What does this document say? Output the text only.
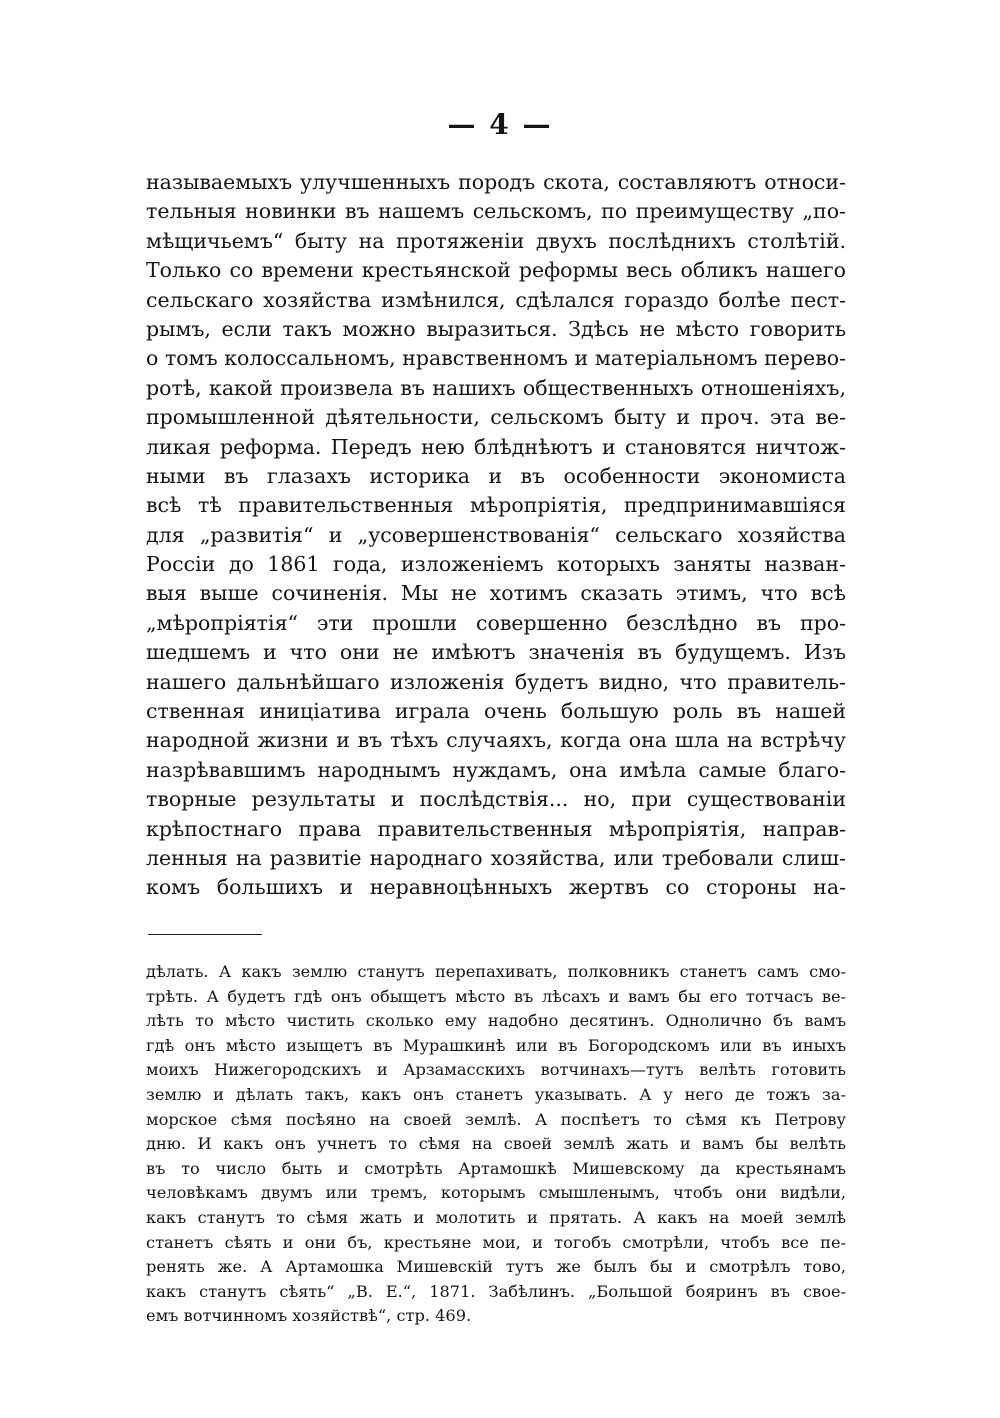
— 4 —
называемыхъ улучшенныхъ породъ скота, составляютъ относи-
тельныя новинки въ нашемъ сельскомъ, по преимуществу „по-
мѣщичьемъ“ быту на протяженіи двухъ послѣднихъ столѣтій.
Только со времени крестьянской реформы весь обликъ нашего
сельскаго хозяйства измѣнился, сдѣлался гораздо болѣе пест-
рымъ, если такъ можно выразиться. Здѣсь не мѣсто говорить
о томъ колоссальномъ, нравственномъ и матеріальномъ перево-
ротѣ, какой произвела въ нашихъ общественныхъ отношеніяхъ,
промышленной дѣятельности, сельскомъ быту и проч. эта ве-
ликая реформа. Передъ нею блѣднѣютъ и становятся ничтож-
ными въ глазахъ историка и въ особенности экономиста
всѣ тѣ правительственныя мѣропріятія, предпринимавшіяся
для „развитія“ и „усовершенствованія“ сельскаго хозяйства
Россіи до 1861 года, изложеніемъ которыхъ заняты назван-
выя выше сочиненія. Мы не хотимъ сказать этимъ, что всѣ
„мѣропріятія“ эти прошли совершенно безслѣдно въ про-
шедшемъ и что они не имѣютъ значенія въ будущемъ. Изъ
нашего дальнѣйшаго изложенія будетъ видно, что правитель-
ственная иниціатива играла очень большую роль въ нашей
народной жизни и въ тѣхъ случаяхъ, когда она шла на встрѣчу
назрѣвавшимъ народнымъ нуждамъ, она имѣла самые благо-
творные результаты и послѣдствія... но, при существованіи
крѣпостнаго права правительственныя мѣропріятія, направ-
ленныя на развитіе народнаго хозяйства, или требовали слиш-
комъ большихъ и неравноцѣнныхъ жертвъ со стороны на-
дѣлать. А какъ землю станутъ перепахивать, полковникъ станетъ самъ смо-
трѣть. А будетъ гдѣ онъ обыщетъ мѣсто въ лѣсахъ и вамъ бы его тотчасъ ве-
лѣть то мѣсто чистить сколько ему надобно десятинъ. Однолично бъ вамъ
гдѣ онъ мѣсто изыщетъ въ Мурашкинѣ или въ Богородскомъ или въ иныхъ
моихъ Нижегородскихъ и Арзамасскихъ вотчинахъ—тутъ велѣть готовить
землю и дѣлать такъ, какъ онъ станетъ указывать. А у него де тожъ за-
морское сѣмя посѣяно на своей землѣ. А поспѣетъ то сѣмя къ Петрову
дню. И какъ онъ учнетъ то сѣмя на своей землѣ жать и вамъ бы велѣть
въ то число быть и смотрѣть Артамошкѣ Мишевскому да крестьянамъ
человѣкамъ двумъ или тремъ, которымъ смышленымъ, чтобъ они видѣли,
какъ станутъ то сѣмя жать и молотить и прятать. А какъ на моей землѣ
станетъ сѣять и они бъ, крестьяне мои, и тогобъ смотрѣли, чтобъ все пе-
ренять же. А Артамошка Мишевскій тутъ же былъ бы и смотрѣлъ тово,
какъ станутъ сѣять“ „В. Е.“, 1871. Забѣлинъ. „Большой бояринъ въ свое-
емъ вотчинномъ хозяйствѣ“, стр. 469.
